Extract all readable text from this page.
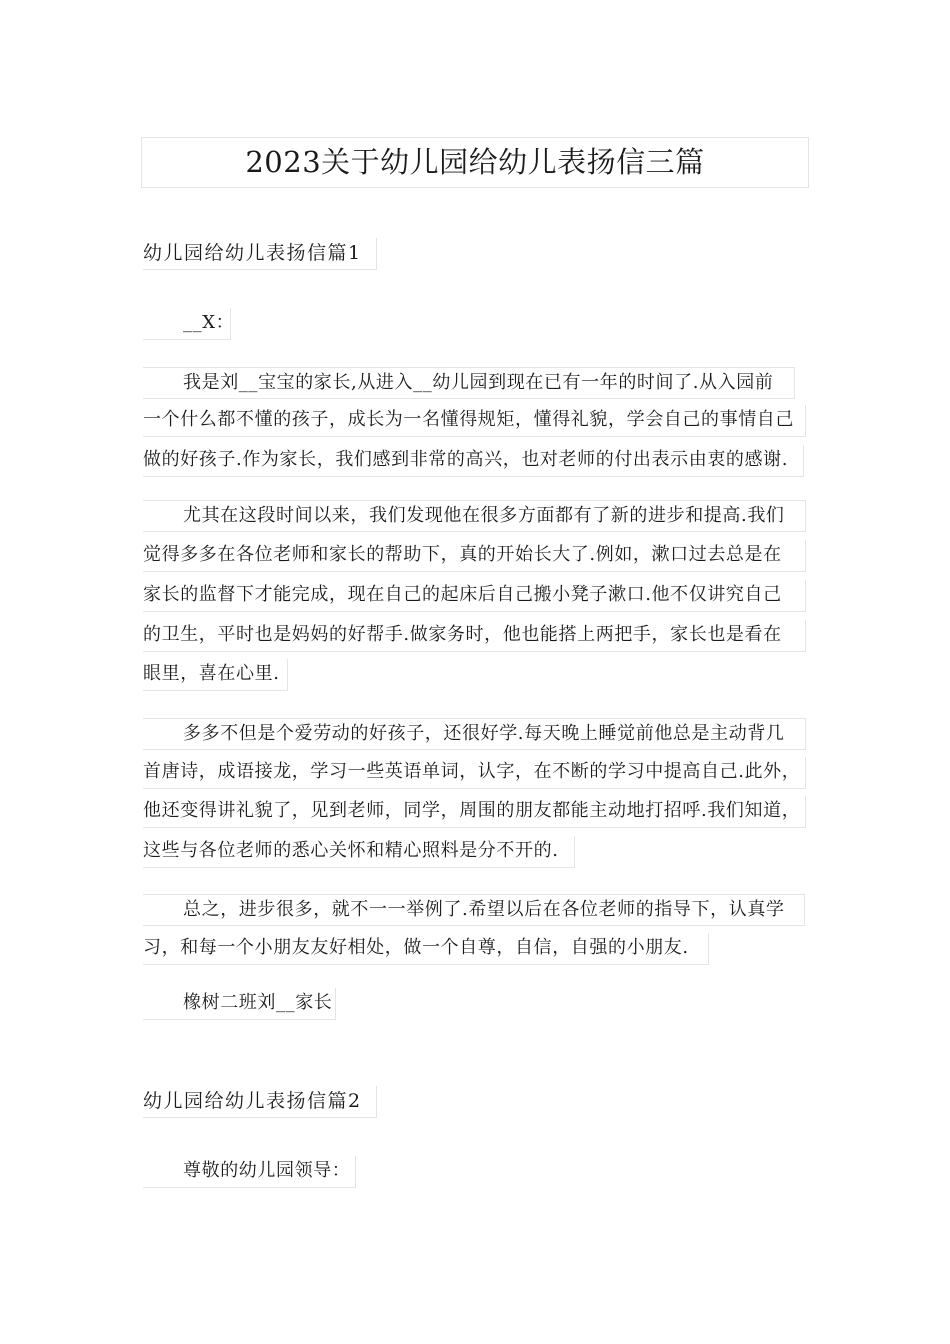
2023关于幼儿园给幼儿表扬信三篇
幼儿园给幼儿表扬信篇1
__X：
我是刘__宝宝的家长,从进入__幼儿园到现在已有一年的时间了.从入园前
一个什么都不懂的孩子，成长为一名懂得规矩，懂得礼貌，学会自己的事情自己
做的好孩子.作为家长，我们感到非常的高兴，也对老师的付出表示由衷的感谢.
尤其在这段时间以来，我们发现他在很多方面都有了新的进步和提高.我们
觉得多多在各位老师和家长的帮助下，真的开始长大了.例如，漱口过去总是在
家长的监督下才能完成，现在自己的起床后自己搬小凳子漱口.他不仅讲究自己
的卫生，平时也是妈妈的好帮手.做家务时，他也能搭上两把手，家长也是看在
眼里，喜在心里.
多多不但是个爱劳动的好孩子，还很好学.每天晚上睡觉前他总是主动背几
首唐诗，成语接龙，学习一些英语单词，认字，在不断的学习中提高自己.此外，
他还变得讲礼貌了，见到老师，同学，周围的朋友都能主动地打招呼.我们知道，
这些与各位老师的悉心关怀和精心照料是分不开的.
总之，进步很多，就不一一举例了.希望以后在各位老师的指导下，认真学
习，和每一个小朋友友好相处，做一个自尊，自信，自强的小朋友.
橡树二班刘__家长
幼儿园给幼儿表扬信篇2
尊敬的幼儿园领导：
